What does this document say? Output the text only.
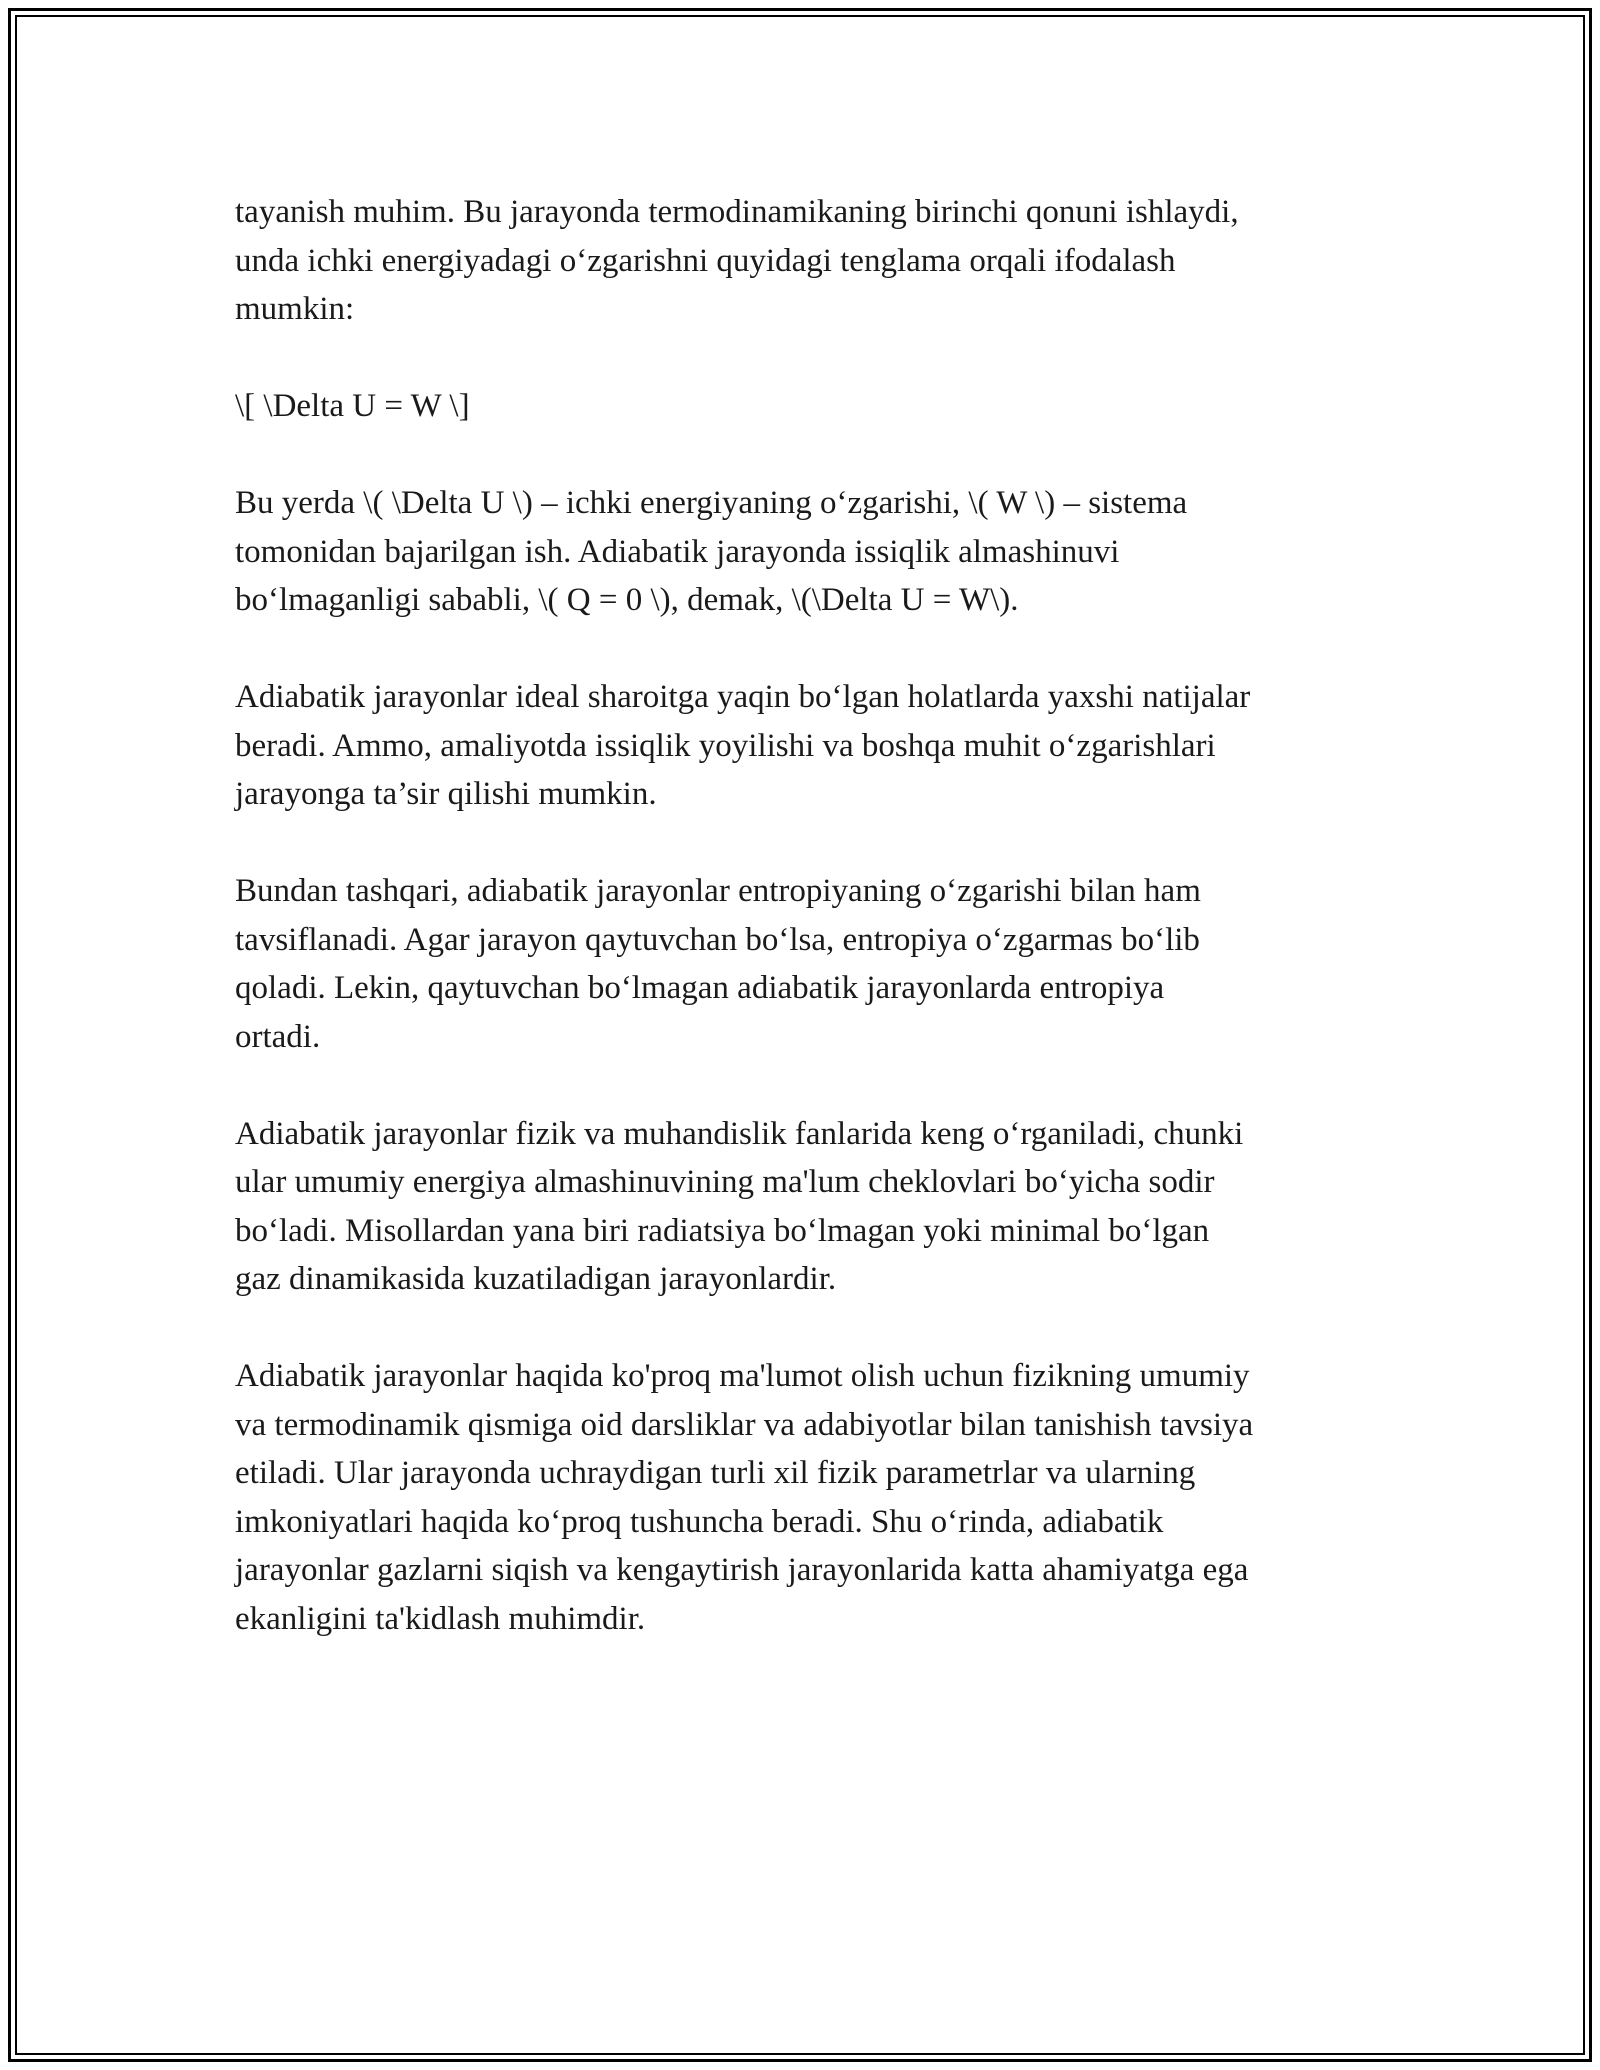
tayanish muhim. Bu jarayonda termodinamikaning birinchi qonuni ishlaydi,
unda ichki energiyadagi o‘zgarishni quyidagi tenglama orqali ifodalash
mumkin:

\[ \Delta U = W \]

Bu yerda \( \Delta U \) – ichki energiyaning o‘zgarishi, \( W \) – sistema
tomonidan bajarilgan ish. Adiabatik jarayonda issiqlik almashinuvi
bo‘lmaganligi sababli, \( Q = 0 \), demak, \(\Delta U = W\).

Adiabatik jarayonlar ideal sharoitga yaqin bo‘lgan holatlarda yaxshi natijalar
beradi. Ammo, amaliyotda issiqlik yoyilishi va boshqa muhit o‘zgarishlari
jarayonga ta’sir qilishi mumkin.

Bundan tashqari, adiabatik jarayonlar entropiyaning o‘zgarishi bilan ham
tavsiflanadi. Agar jarayon qaytuvchan bo‘lsa, entropiya o‘zgarmas bo‘lib
qoladi. Lekin, qaytuvchan bo‘lmagan adiabatik jarayonlarda entropiya
ortadi.

Adiabatik jarayonlar fizik va muhandislik fanlarida keng o‘rganiladi, chunki
ular umumiy energiya almashinuvining ma'lum cheklovlari bo‘yicha sodir
bo‘ladi. Misollardan yana biri radiatsiya bo‘lmagan yoki minimal bo‘lgan
gaz dinamikasida kuzatiladigan jarayonlardir.

Adiabatik jarayonlar haqida ko'proq ma'lumot olish uchun fizikning umumiy
va termodinamik qismiga oid darsliklar va adabiyotlar bilan tanishish tavsiya
etiladi. Ular jarayonda uchraydigan turli xil fizik parametrlar va ularning
imkoniyatlari haqida ko‘proq tushuncha beradi. Shu o‘rinda, adiabatik
jarayonlar gazlarni siqish va kengaytirish jarayonlarida katta ahamiyatga ega
ekanligini ta'kidlash muhimdir.
